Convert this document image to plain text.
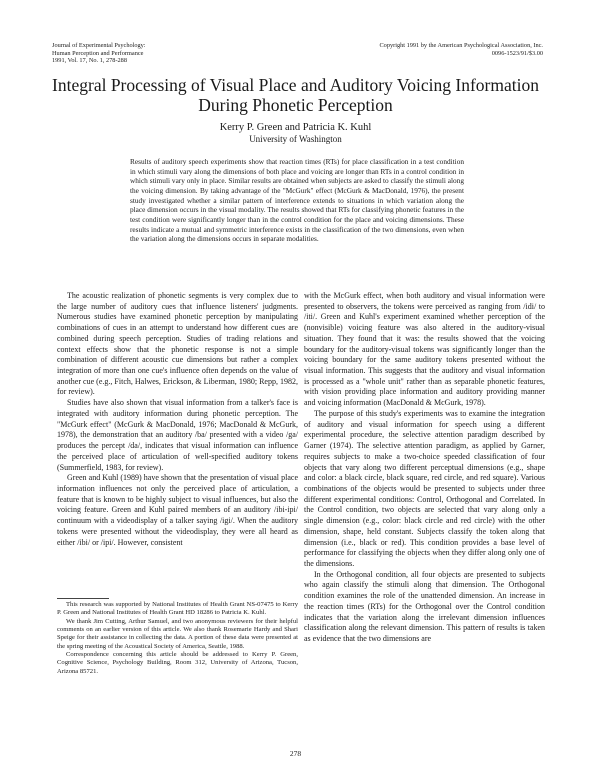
Journal of Experimental Psychology:
Human Perception and Performance
1991, Vol. 17, No. 1, 278-288
Copyright 1991 by the American Psychological Association, Inc.
0096-1523/91/$3.00
Integral Processing of Visual Place and Auditory Voicing Information
During Phonetic Perception
Kerry P. Green and Patricia K. Kuhl
University of Washington
Results of auditory speech experiments show that reaction times (RTs) for place classification in a test condition in which stimuli vary along the dimensions of both place and voicing are longer than RTs in a control condition in which stimuli vary only in place. Similar results are obtained when subjects are asked to classify the stimuli along the voicing dimension. By taking advantage of the "McGurk" effect (McGurk & MacDonald, 1976), the present study investigated whether a similar pattern of interference extends to situations in which variation along the place dimension occurs in the visual modality. The results showed that RTs for classifying phonetic features in the test condition were significantly longer than in the control condition for the place and voicing dimensions. These results indicate a mutual and symmetric interference exists in the classification of the two dimensions, even when the variation along the dimensions occurs in separate modalities.

The acoustic realization of phonetic segments is very complex due to the large number of auditory cues that influence listeners' judgments. Numerous studies have examined phonetic perception by manipulating combinations of cues in an attempt to understand how different cues are combined during speech perception. Studies of trading relations and context effects show that the phonetic response is not a simple combination of different acoustic cue dimensions but rather a complex integration of more than one cue's influence often depends on the value of another cue (e.g., Fitch, Halwes, Erickson, & Liberman, 1980; Repp, 1982, for review).

Studies have also shown that visual information from a talker's face is integrated with auditory information during phonetic perception. The "McGurk effect" (McGurk & MacDonald, 1976; MacDonald & McGurk, 1978), the demonstration that an auditory /ba/ presented with a video /ga/ produces the percept /da/, indicates that visual information can influence the perceived place of articulation of well-specified auditory tokens (Summerfield, 1983, for review).

Green and Kuhl (1989) have shown that the presentation of visual place information influences not only the perceived place of articulation, a feature that is known to be highly subject to visual influences, but also the voicing feature. Green and Kuhl paired members of an auditory /ibi-ipi/ continuum with a videodisplay of a talker saying /igi/. When the auditory tokens were presented without the videodisplay, they were all heard as either /ibi/ or /ipi/. However, consistent

This research was supported by National Institutes of Health Grant NS-07475 to Kerry P. Green and National Institutes of Health Grant HD 18286 to Patricia K. Kuhl.

We thank Jim Cutting, Arthur Samuel, and two anonymous reviewers for their helpful comments on an earlier version of this article. We also thank Rosemarie Hardy and Shari Speige for their assistance in collecting the data. A portion of these data were presented at the spring meeting of the Acoustical Society of America, Seattle, 1988.

Correspondence concerning this article should be addressed to Kerry P. Green, Cognitive Science, Psychology Building, Room 312, University of Arizona, Tucson, Arizona 85721.

with the McGurk effect, when both auditory and visual information were presented to observers, the tokens were perceived as ranging from /idi/ to /iti/. Green and Kuhl's experiment examined whether perception of the (nonvisible) voicing feature was also altered in the auditory-visual situation. They found that it was: the results showed that the voicing boundary for the auditory-visual tokens was significantly longer than the voicing boundary for the same auditory tokens presented without the visual information. This suggests that the auditory and visual information is processed as a "whole unit" rather than as separable phonetic features, with vision providing place information and auditory providing manner and voicing information (MacDonald & McGurk, 1978).

The purpose of this study's experiments was to examine the integration of auditory and visual information for speech using a different experimental procedure, the selective attention paradigm described by Garner (1974). The selective attention paradigm, as applied by Garner, requires subjects to make a two-choice speeded classification of four objects that vary along two different perceptual dimensions (e.g., shape and color: a black circle, black square, red circle, and red square). Various combinations of the objects would be presented to subjects under three different experimental conditions: Control, Orthogonal and Correlated. In the Control condition, two objects are selected that vary along only a single dimension (e.g., color: black circle and red circle) with the other dimension, shape, held constant. Subjects classify the token along that dimension (i.e., black or red). This condition provides a base level of performance for classifying the objects when they differ along only one of the dimensions.

In the Orthogonal condition, all four objects are presented to subjects who again classify the stimuli along that dimension. The Orthogonal condition examines the role of the unattended dimension. An increase in the reaction times (RTs) for the Orthogonal over the Control condition indicates that the variation along the irrelevant dimension influences classification along the relevant dimension. This pattern of results is taken as evidence that the two dimensions are

278
